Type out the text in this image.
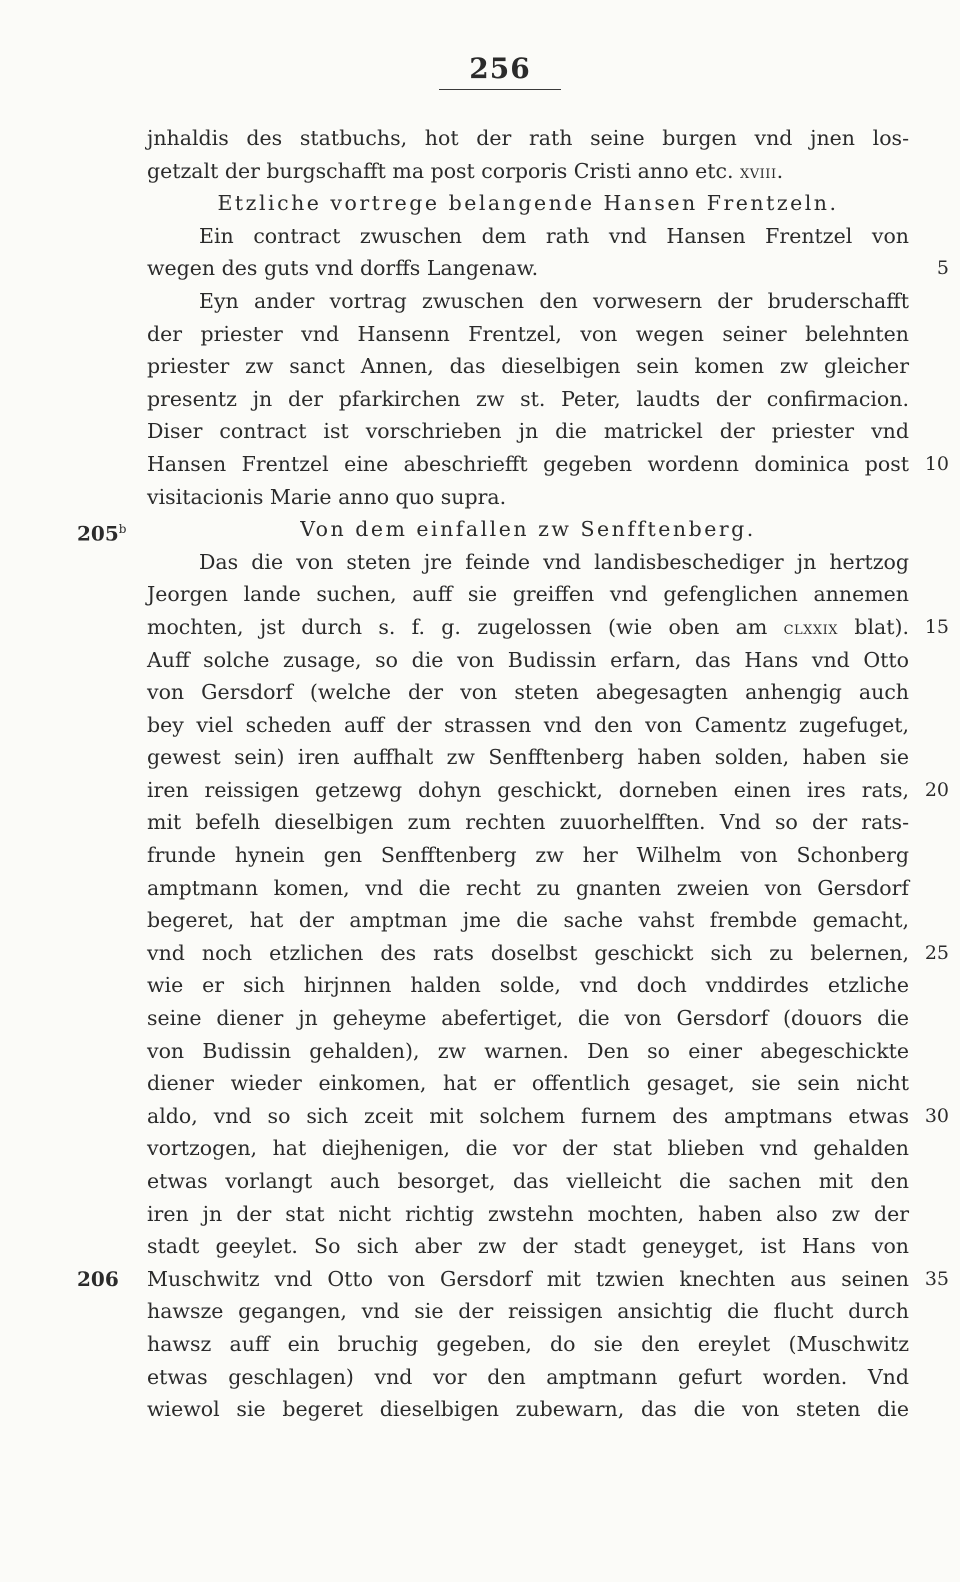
256
jnhaldis des statbuchs, hot der rath seine burgen vnd jnen los-
getzalt der burgschafft ma post corporis Cristi anno etc. XVIII.
Etzliche vortrege belangende Hansen Frentzeln.
Ein contract zwuschen dem rath vnd Hansen Frentzel von
wegen des guts vnd dorffs Langenaw.	5
Eyn ander vortrag zwuschen den vorwesern der bruderschafft
der priester vnd Hansenn Frentzel, von wegen seiner belehnten
priester zw sanct Annen, das dieselbigen sein komen zw gleicher
presentz jn der pfarkirchen zw st. Peter, laudts der confirmacion.
Diser contract ist vorschrieben jn die matrickel der priester vnd
Hansen Frentzel eine abeschriefft gegeben wordenn dominica post 10
visitacionis Marie anno quo supra.
Von dem einfallen zw Senfftenberg.
205$^b$
Das die von steten jre feinde vnd landisbeschediger jn hertzog
Jeorgen lande suchen, auff sie greiffen vnd gefenglichen annemen
mochten, jst durch s. f. g. zugelossen (wie oben am CLXXIX blat). 15
Auff solche zusage, so die von Budissin erfarn, das Hans vnd Otto
von Gersdorf (welche der von steten abegesagten anhengig auch
bey viel scheden auff der strassen vnd den von Camentz zugefuget,
gewest sein) iren auffhalt zw Senfftenberg haben solden, haben sie
iren reissigen getzewg dohyn geschickt, dorneben einen ires rats, 20
mit befelh dieselbigen zum rechten zuuorhelfften. Vnd so der rats-
frunde hynein gen Senfftenberg zw her Wilhelm von Schonberg
amptmann komen, vnd die recht zu gnanten zweien von Gersdorf
begeret, hat der amptman jme die sache vahst frembde gemacht,
vnd noch etzlichen des rats doselbst geschickt sich zu belernen, 25
wie er sich hirjnnen halden solde, vnd doch vnddirdes etzliche
seine diener jn geheyme abefertiget, die von Gersdorf (douors die
von Budissin gehalden), zw warnen. Den so einer abegeschickte
diener wieder einkomen, hat er offentlich gesaget, sie sein nicht
aldo, vnd so sich zceit mit solchem furnem des amptmans etwas 30
vortzogen, hat diejhenigen, die vor der stat blieben vnd gehalden
etwas vorlangt auch besorget, das vielleicht die sachen mit den
iren jn der stat nicht richtig zwstehn mochten, haben also zw der
stadt geeylet. So sich aber zw der stadt geneyget, ist Hans von
Muschwitz vnd Otto von Gersdorf mit tzwien knechten aus seinen 35
206
hawsze gegangen, vnd sie der reissigen ansichtig die flucht durch
hawsz auff ein bruchig gegeben, do sie den ereylet (Muschwitz
etwas geschlagen) vnd vor den amptmann gefurt worden. Vnd
wiewol sie begeret dieselbigen zubewarn, das die von steten die
